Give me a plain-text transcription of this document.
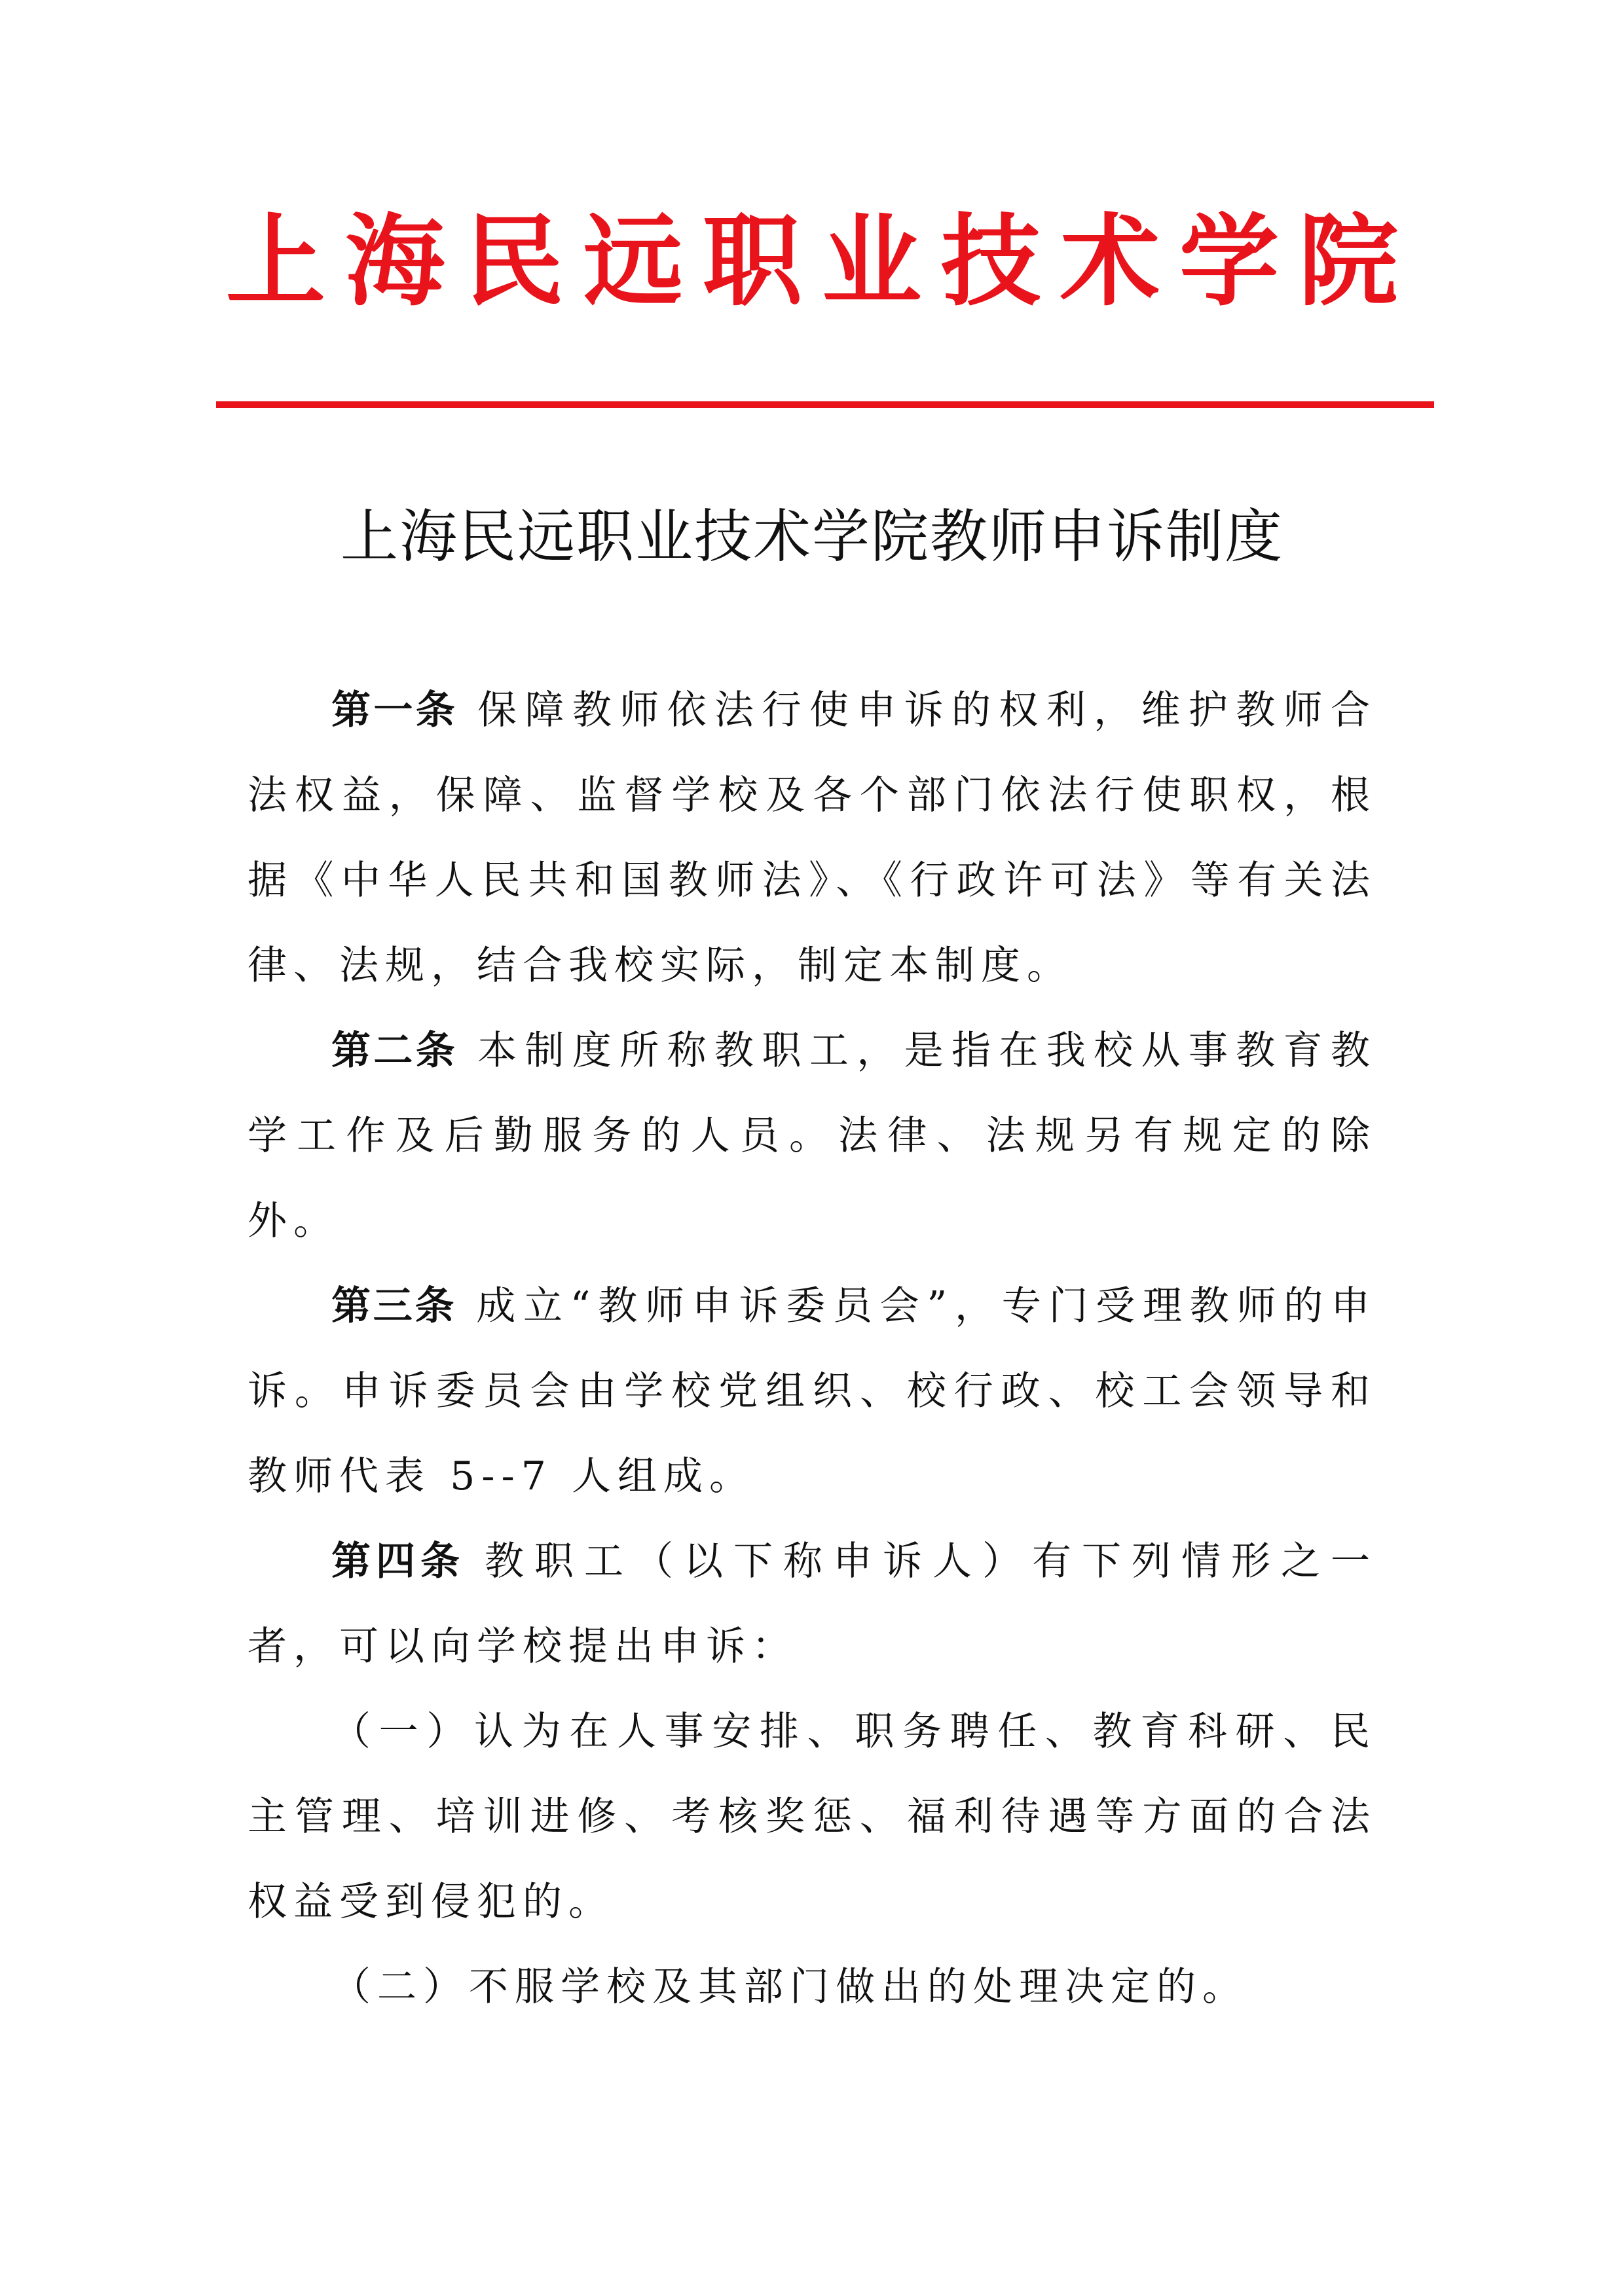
上海民远职业技术学院
上海民远职业技术学院教师申诉制度

第一条 保障教师依法行使申诉的权利，维护教师合法权益，保障、监督学校及各个部门依法行使职权，根据《中华人民共和国教师法》、《行政许可法》等有关法律、法规，结合我校实际，制定本制度。

第二条 本制度所称教职工，是指在我校从事教育教学工作及后勤服务的人员。法律、法规另有规定的除外。

第三条 成立“教师申诉委员会”，专门受理教师的申诉。申诉委员会由学校党组织、校行政、校工会领导和教师代表 5--7 人组成。

第四条 教职工（以下称申诉人）有下列情形之一者，可以向学校提出申诉：

（一）认为在人事安排、职务聘任、教育科研、民主管理、培训进修、考核奖惩、福利待遇等方面的合法权益受到侵犯的。

（二）不服学校及其部门做出的处理决定的。
